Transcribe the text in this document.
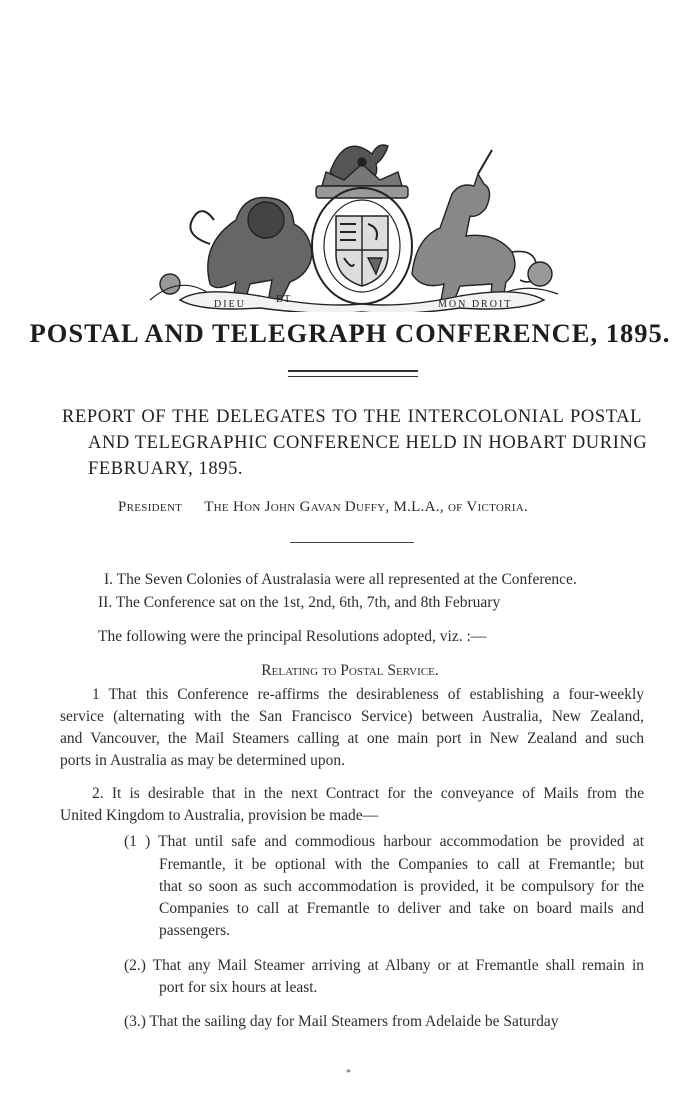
DIEU	ET	MON DROIT
POSTAL AND TELEGRAPH CONFERENCE, 1895.
REPORT OF THE DELEGATES TO THE INTERCOLONIAL POSTAL
AND TELEGRAPHIC CONFERENCE HELD IN HOBART DURING
FEBRUARY, 1895.
President The Hon John Gavan Duffy, M.L.A., of Victoria.
I. The Seven Colonies of Australasia were all represented at the Conference.
II. The Conference sat on the 1st, 2nd, 6th, 7th, and 8th February
The following were the principal Resolutions adopted, viz. :—
Relating to Postal Service.
1 That this Conference re-affirms the desirableness of establishing a four-weekly
service (alternating with the San Francisco Service) between Australia, New Zealand,
and Vancouver, the Mail Steamers calling at one main port in New Zealand and such
ports in Australia as may be determined upon.
2. It is desirable that in the next Contract for the conveyance of Mails from the
United Kingdom to Australia, provision be made—
(1 ) That until safe and commodious harbour accommodation be provided at
Fremantle, it be optional with the Companies to call at Fremantle; but
that so soon as such accommodation is provided, it be compulsory for the
Companies to call at Fremantle to deliver and take on board mails and
passengers.
(2.) That any Mail Steamer arriving at Albany or at Fremantle shall remain in
port for six hours at least.
(3.) That the sailing day for Mail Steamers from Adelaide be Saturday
*
